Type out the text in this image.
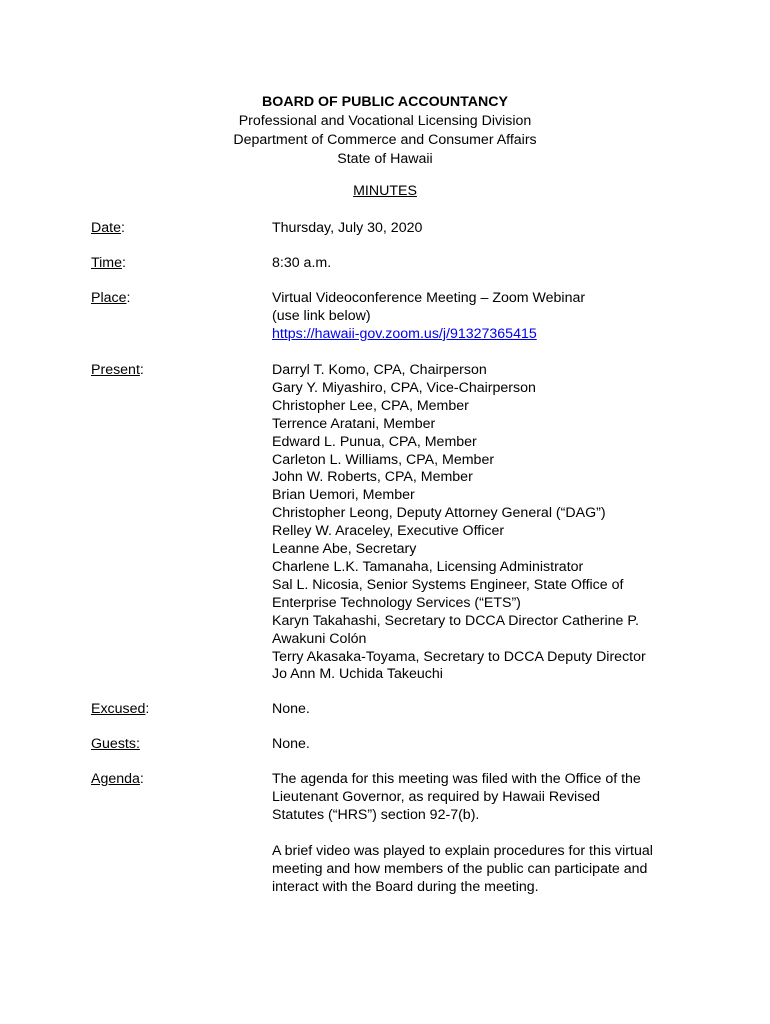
BOARD OF PUBLIC ACCOUNTANCY
Professional and Vocational Licensing Division
Department of Commerce and Consumer Affairs
State of Hawaii
MINUTES
Date:	Thursday, July 30, 2020
Time:	8:30 a.m.
Place:	Virtual Videoconference Meeting – Zoom Webinar
(use link below)
https://hawaii-gov.zoom.us/j/91327365415
Present:	Darryl T. Komo, CPA, Chairperson
Gary Y. Miyashiro, CPA, Vice-Chairperson
Christopher Lee, CPA, Member
Terrence Aratani, Member
Edward L. Punua, CPA, Member
Carleton L. Williams, CPA, Member
John W. Roberts, CPA, Member
Brian Uemori, Member
Christopher Leong, Deputy Attorney General (“DAG”)
Relley W. Araceley, Executive Officer
Leanne Abe, Secretary
Charlene L.K. Tamanaha, Licensing Administrator
Sal L. Nicosia, Senior Systems Engineer, State Office of
Enterprise Technology Services (“ETS”)
Karyn Takahashi, Secretary to DCCA Director Catherine P.
Awakuni Colón
Terry Akasaka-Toyama, Secretary to DCCA Deputy Director
Jo Ann M. Uchida Takeuchi
Excused:	None.
Guests:	None.
Agenda:	The agenda for this meeting was filed with the Office of the
Lieutenant Governor, as required by Hawaii Revised
Statutes (“HRS”) section 92-7(b).
A brief video was played to explain procedures for this virtual
meeting and how members of the public can participate and
interact with the Board during the meeting.
